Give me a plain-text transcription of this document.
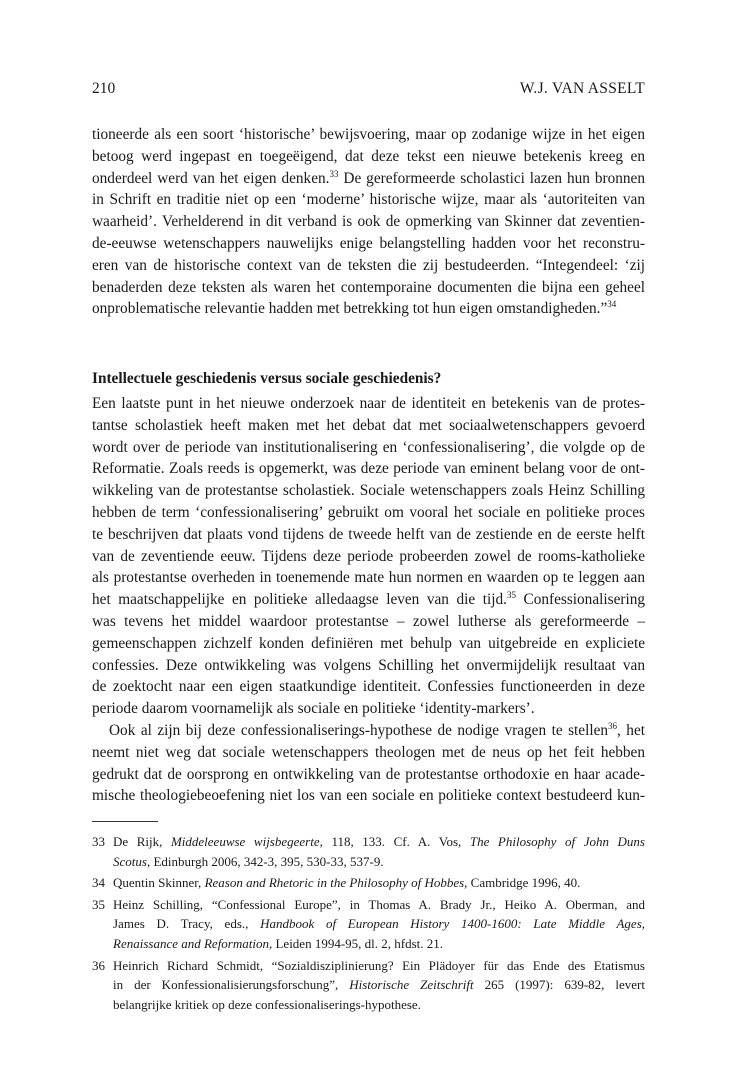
210	W.J. VAN ASSELT
tioneerde als een soort ‘historische’ bewijsvoering, maar op zodanige wijze in het eigen
betoog werd ingepast en toegeëigend, dat deze tekst een nieuwe betekenis kreeg en
onderdeel werd van het eigen denken.$^{33}$ De gereformeerde scholastici lazen hun bronnen
in Schrift en traditie niet op een ‘moderne’ historische wijze, maar als ‘autoriteiten van
waarheid’. Verhelderend in dit verband is ook de opmerking van Skinner dat zeventien-
de-eeuwse wetenschappers nauwelijks enige belangstelling hadden voor het reconstru-
eren van de historische context van de teksten die zij bestudeerden. “Integendeel: ‘zij
benaderden deze teksten als waren het contemporaine documenten die bijna een geheel
onproblematische relevantie hadden met betrekking tot hun eigen omstandigheden.”$^{34}$
Intellectuele geschiedenis versus sociale geschiedenis?
Een laatste punt in het nieuwe onderzoek naar de identiteit en betekenis van de protes-
tantse scholastiek heeft maken met het debat dat met sociaalwetenschappers gevoerd
wordt over de periode van institutionalisering en ‘confessionalisering’, die volgde op de
Reformatie. Zoals reeds is opgemerkt, was deze periode van eminent belang voor de ont-
wikkeling van de protestantse scholastiek. Sociale wetenschappers zoals Heinz Schilling
hebben de term ‘confessionalisering’ gebruikt om vooral het sociale en politieke proces
te beschrijven dat plaats vond tijdens de tweede helft van de zestiende en de eerste helft
van de zeventiende eeuw. Tijdens deze periode probeerden zowel de rooms-katholieke
als protestantse overheden in toenemende mate hun normen en waarden op te leggen aan
het maatschappelijke en politieke alledaagse leven van die tijd.$^{35}$ Confessionalisering
was tevens het middel waardoor protestantse – zowel lutherse als gereformeerde –
gemeenschappen zichzelf konden definiëren met behulp van uitgebreide en expliciete
confessies. Deze ontwikkeling was volgens Schilling het onvermijdelijk resultaat van
de zoektocht naar een eigen staatkundige identiteit. Confessies functioneerden in deze
periode daarom voornamelijk als sociale en politieke ‘identity-markers’.
Ook al zijn bij deze confessionaliserings-hypothese de nodige vragen te stellen$^{36}$, het
neemt niet weg dat sociale wetenschappers theologen met de neus op het feit hebben
gedrukt dat de oorsprong en ontwikkeling van de protestantse orthodoxie en haar acade-
mische theologiebeoefening niet los van een sociale en politieke context bestudeerd kun-
33 De Rijk, Middeleeuwse wijsbegeerte, 118, 133. Cf. A. Vos, The Philosophy of John Duns
Scotus, Edinburgh 2006, 342-3, 395, 530-33, 537-9.
34 Quentin Skinner, Reason and Rhetoric in the Philosophy of Hobbes, Cambridge 1996, 40.
35 Heinz Schilling, “Confessional Europe”, in Thomas A. Brady Jr., Heiko A. Oberman, and
James D. Tracy, eds., Handbook of European History 1400-1600: Late Middle Ages,
Renaissance and Reformation, Leiden 1994-95, dl. 2, hfdst. 21.
36 Heinrich Richard Schmidt, “Sozialdisziplinierung? Ein Plädoyer für das Ende des Etatismus
in der Konfessionalisierungsforschung”, Historische Zeitschrift 265 (1997): 639-82, levert
belangrijke kritiek op deze confessionaliserings-hypothese.
